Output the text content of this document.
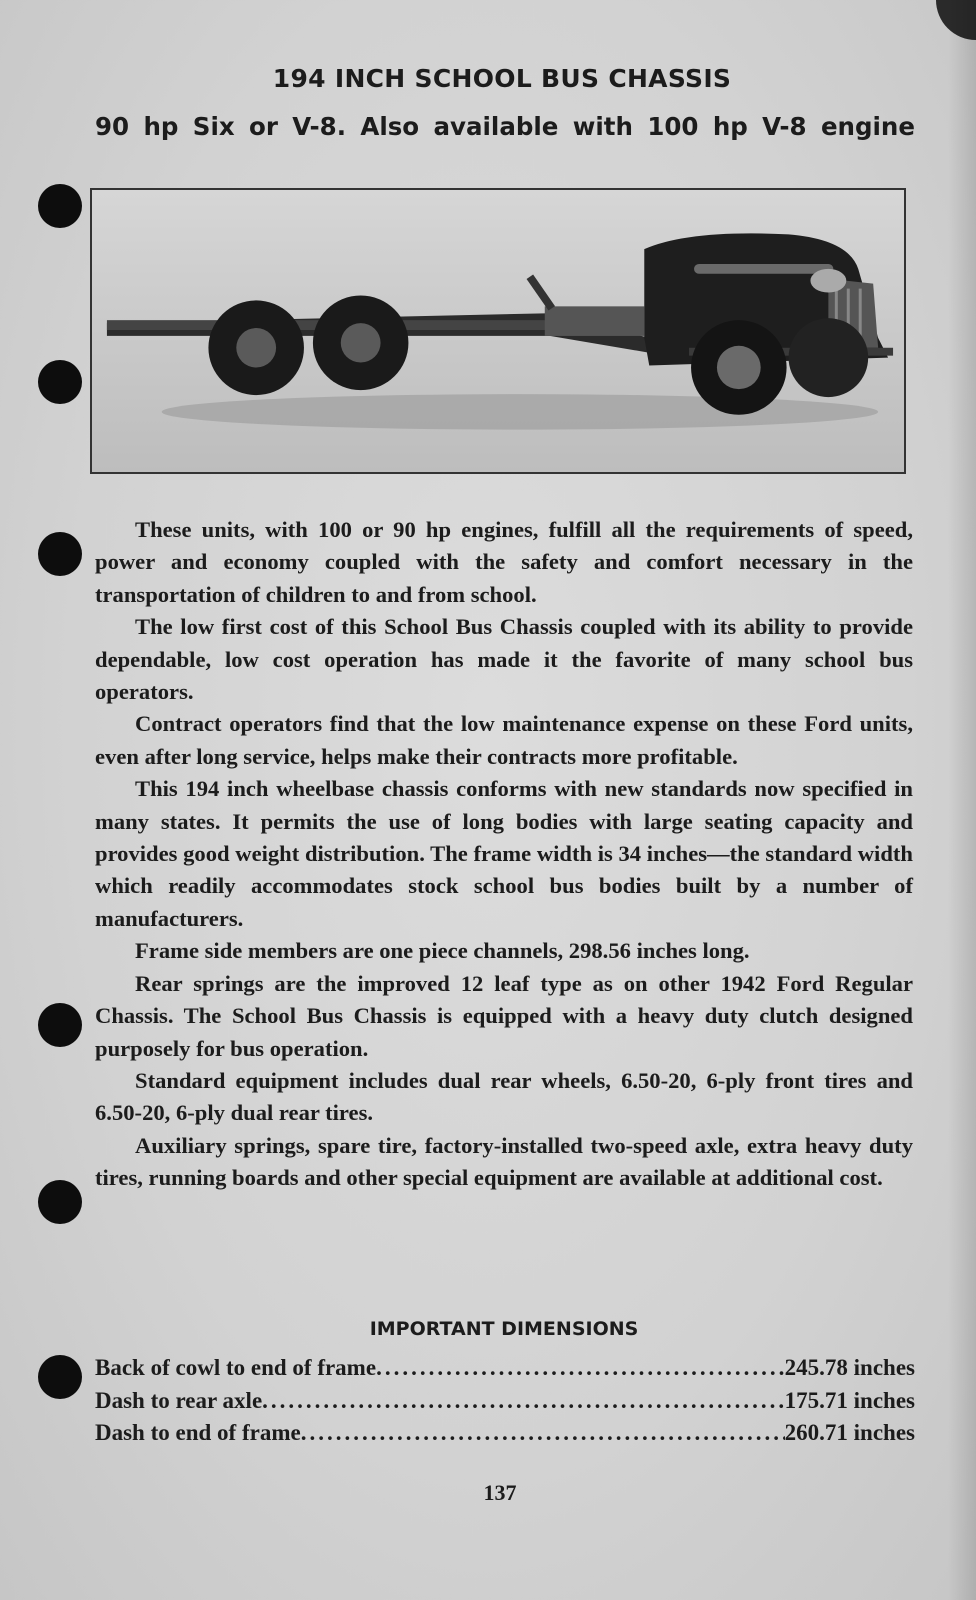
194 INCH SCHOOL BUS CHASSIS
90 hp Six or V-8. Also available with 100 hp V-8 engine

These units, with 100 or 90 hp engines, fulfill all the requirements of speed, power and economy coupled with the safety and comfort necessary in the transportation of children to and from school.

The low first cost of this School Bus Chassis coupled with its ability to provide dependable, low cost operation has made it the favorite of many school bus operators.

Contract operators find that the low maintenance expense on these Ford units, even after long service, helps make their contracts more profitable.

This 194 inch wheelbase chassis conforms with new standards now specified in many states. It permits the use of long bodies with large seating capacity and provides good weight distribution. The frame width is 34 inches—the standard width which readily accommodates stock school bus bodies built by a number of manufacturers.

Frame side members are one piece channels, 298.56 inches long.

Rear springs are the improved 12 leaf type as on other 1942 Ford Regular Chassis. The School Bus Chassis is equipped with a heavy duty clutch designed purposely for bus operation.

Standard equipment includes dual rear wheels, 6.50-20, 6-ply front tires and 6.50-20, 6-ply dual rear tires.

Auxiliary springs, spare tire, factory-installed two-speed axle, extra heavy duty tires, running boards and other special equipment are available at additional cost.

IMPORTANT DIMENSIONS
Back of cowl to end of frame .....	245.78 inches
Dash to rear axle .....	175.71 inches
Dash to end of frame .....	260.71 inches
137
